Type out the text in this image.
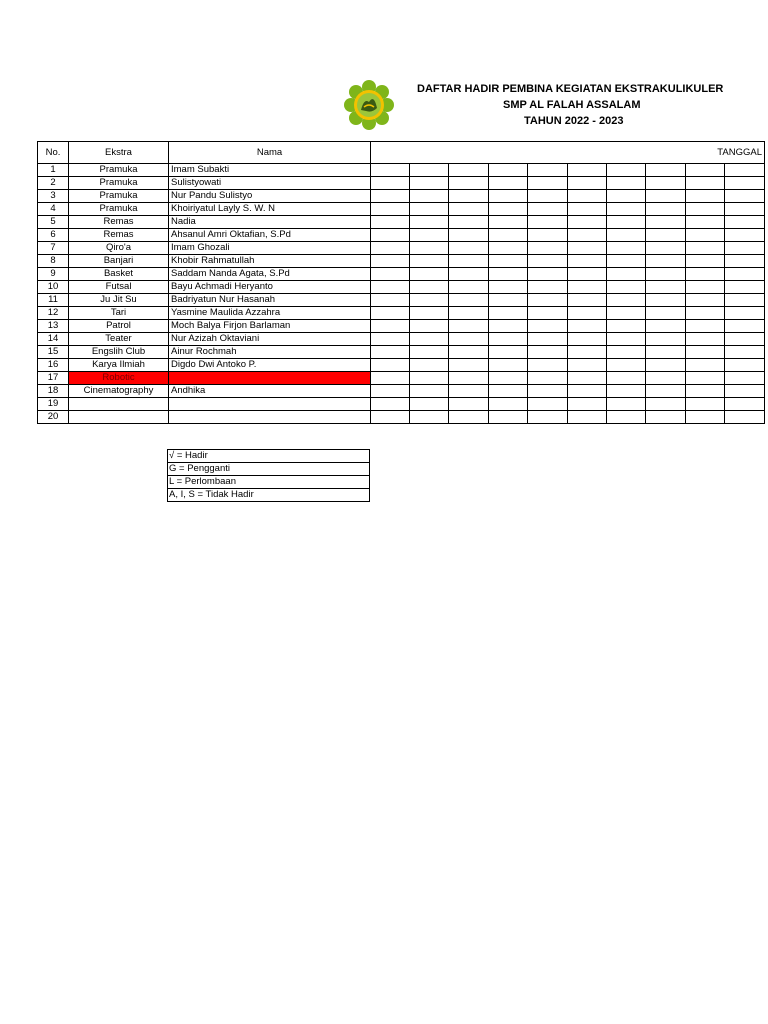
DAFTAR HADIR PEMBINA KEGIATAN EKSTRAKULIKULER
SMP AL FALAH ASSALAM
TAHUN 2022 - 2023
No.	Ekstra	Nama	TANGGAL									
1	Pramuka	Imam Subakti										
2	Pramuka	Sulistyowati										
3	Pramuka	Nur Pandu Sulistyo										
4	Pramuka	Khoiriyatul Layly S. W. N										
5	Remas	Nadia										
6	Remas	Ahsanul Amri Oktafian, S.Pd										
7	Qiro'a	Imam Ghozali										
8	Banjari	Khobir Rahmatullah										
9	Basket	Saddam Nanda Agata, S.Pd										
10	Futsal	Bayu Achmadi Heryanto										
11	Ju Jit Su	Badriyatun Nur Hasanah										
12	Tari	Yasmine Maulida Azzahra										
13	Patrol	Moch Balya Firjon Barlaman										
14	Teater	Nur Azizah Oktaviani										
15	Engslih Club	Ainur Rochmah										
16	Karya Ilmiah	Digdo Dwi Antoko P.										
17	Robotic											
18	Cinematography	Andhika										
19												
20												
√ = Hadir
G = Pengganti
L = Perlombaan
A, I, S = Tidak Hadir
